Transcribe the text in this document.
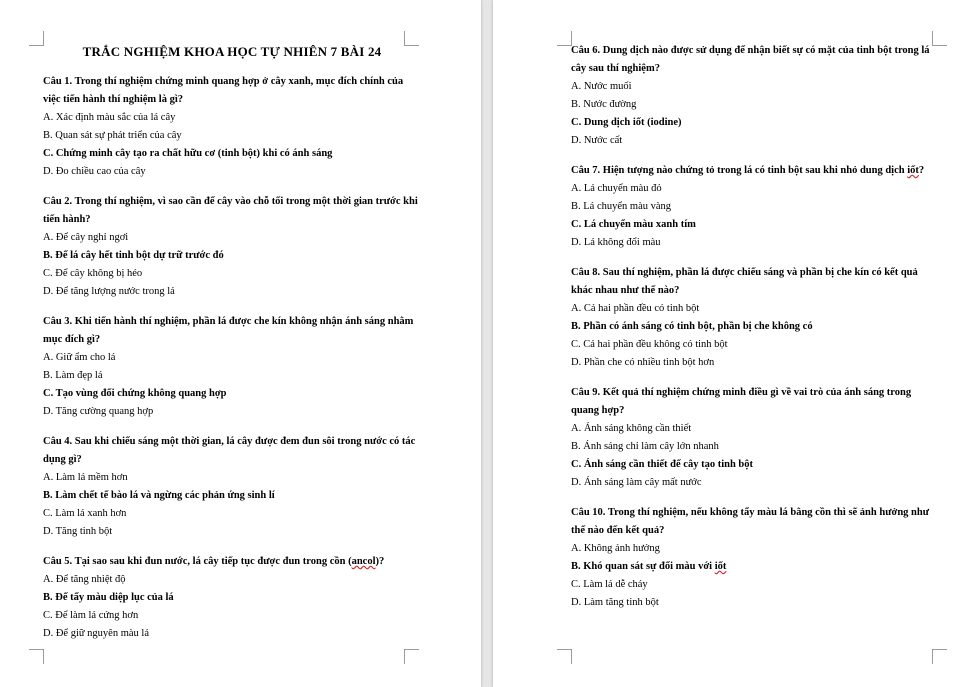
TRẮC NGHIỆM KHOA HỌC TỰ NHIÊN 7 BÀI 24
Câu 1. Trong thí nghiệm chứng minh quang hợp ở cây xanh, mục đích chính của việc tiến hành thí nghiệm là gì?
A. Xác định màu sắc của lá cây
B. Quan sát sự phát triển của cây
C. Chứng minh cây tạo ra chất hữu cơ (tinh bột) khi có ánh sáng
D. Đo chiều cao của cây
Câu 2. Trong thí nghiệm, vì sao cần để cây vào chỗ tối trong một thời gian trước khi tiến hành?
A. Để cây nghỉ ngơi
B. Để lá cây hết tinh bột dự trữ trước đó
C. Để cây không bị héo
D. Để tăng lượng nước trong lá
Câu 3. Khi tiến hành thí nghiệm, phần lá được che kín không nhận ánh sáng nhằm mục đích gì?
A. Giữ ẩm cho lá
B. Làm đẹp lá
C. Tạo vùng đối chứng không quang hợp
D. Tăng cường quang hợp
Câu 4. Sau khi chiếu sáng một thời gian, lá cây được đem đun sôi trong nước có tác dụng gì?
A. Làm lá mềm hơn
B. Làm chết tế bào lá và ngừng các phản ứng sinh lí
C. Làm lá xanh hơn
D. Tăng tinh bột
Câu 5. Tại sao sau khi đun nước, lá cây tiếp tục được đun trong cồn (ancol)?
A. Để tăng nhiệt độ
B. Để tẩy màu diệp lục của lá
C. Để làm lá cứng hơn
D. Để giữ nguyên màu lá
Câu 6. Dung dịch nào được sử dụng để nhận biết sự có mặt của tinh bột trong lá cây sau thí nghiệm?
A. Nước muối
B. Nước đường
C. Dung dịch iốt (iodine)
D. Nước cất
Câu 7. Hiện tượng nào chứng tỏ trong lá có tinh bột sau khi nhỏ dung dịch iốt?
A. Lá chuyển màu đỏ
B. Lá chuyển màu vàng
C. Lá chuyển màu xanh tím
D. Lá không đổi màu
Câu 8. Sau thí nghiệm, phần lá được chiếu sáng và phần bị che kín có kết quả khác nhau như thế nào?
A. Cả hai phần đều có tinh bột
B. Phần có ánh sáng có tinh bột, phần bị che không có
C. Cả hai phần đều không có tinh bột
D. Phần che có nhiều tinh bột hơn
Câu 9. Kết quả thí nghiệm chứng minh điều gì về vai trò của ánh sáng trong quang hợp?
A. Ánh sáng không cần thiết
B. Ánh sáng chỉ làm cây lớn nhanh
C. Ánh sáng cần thiết để cây tạo tinh bột
D. Ánh sáng làm cây mất nước
Câu 10. Trong thí nghiệm, nếu không tẩy màu lá bằng cồn thì sẽ ảnh hưởng như thế nào đến kết quả?
A. Không ảnh hưởng
B. Khó quan sát sự đổi màu với iốt
C. Làm lá dễ cháy
D. Làm tăng tinh bột
